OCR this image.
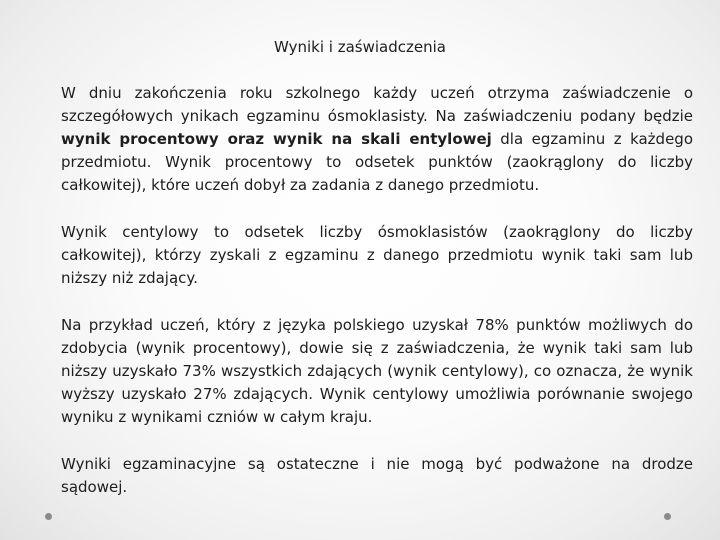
Wyniki i zaświadczenia

W dniu zakończenia roku szkolnego każdy uczeń otrzyma zaświadczenie o szczegółowych ynikach egzaminu ósmoklasisty. Na zaświadczeniu podany będzie wynik procentowy oraz wynik na skali entylowej dla egzaminu z każdego przedmiotu. Wynik procentowy to odsetek punktów (zaokrąglony do liczby całkowitej), które uczeń dobył za zadania z danego przedmiotu.

Wynik centylowy to odsetek liczby ósmoklasistów (zaokrąglony do liczby całkowitej), którzy zyskali z egzaminu z danego przedmiotu wynik taki sam lub niższy niż zdający.

Na przykład uczeń, który z języka polskiego uzyskał 78% punktów możliwych do zdobycia (wynik procentowy), dowie się z zaświadczenia, że wynik taki sam lub niższy uzyskało 73% wszystkich zdających (wynik centylowy), co oznacza, że wynik wyższy uzyskało 27% zdających. Wynik centylowy umożliwia porównanie swojego wyniku z wynikami czniów w całym kraju.

Wyniki egzaminacyjne są ostateczne i nie mogą być podważone na drodze sądowej.
